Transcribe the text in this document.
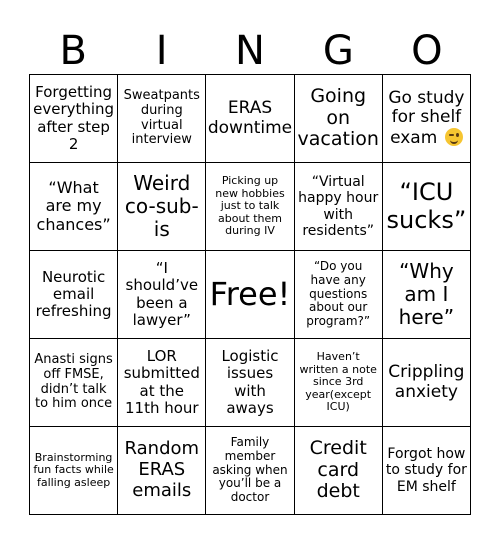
B	I	N	G	O
Forgetting everything after step 2
Sweatpants during virtual interview
ERAS downtime
Going on vacation
Go study for shelf exam
“What are my chances”
Weird co-sub-is
Picking up new hobbies just to talk about them during IV
“Virtual happy hour with residents”
“ICU sucks”
Neurotic email refreshing
“I should’ve been a lawyer”
Free!
“Do you have any questions about our program?”
“Why am I here”
Anasti signs off FMSE, didn’t talk to him once
LOR submitted at the 11th hour
Logistic issues with aways
Haven’t written a note since 3rd year(except ICU)
Crippling anxiety
Brainstorming fun facts while falling asleep
Random ERAS emails
Family member asking when you’ll be a doctor
Credit card debt
Forgot how to study for EM shelf
